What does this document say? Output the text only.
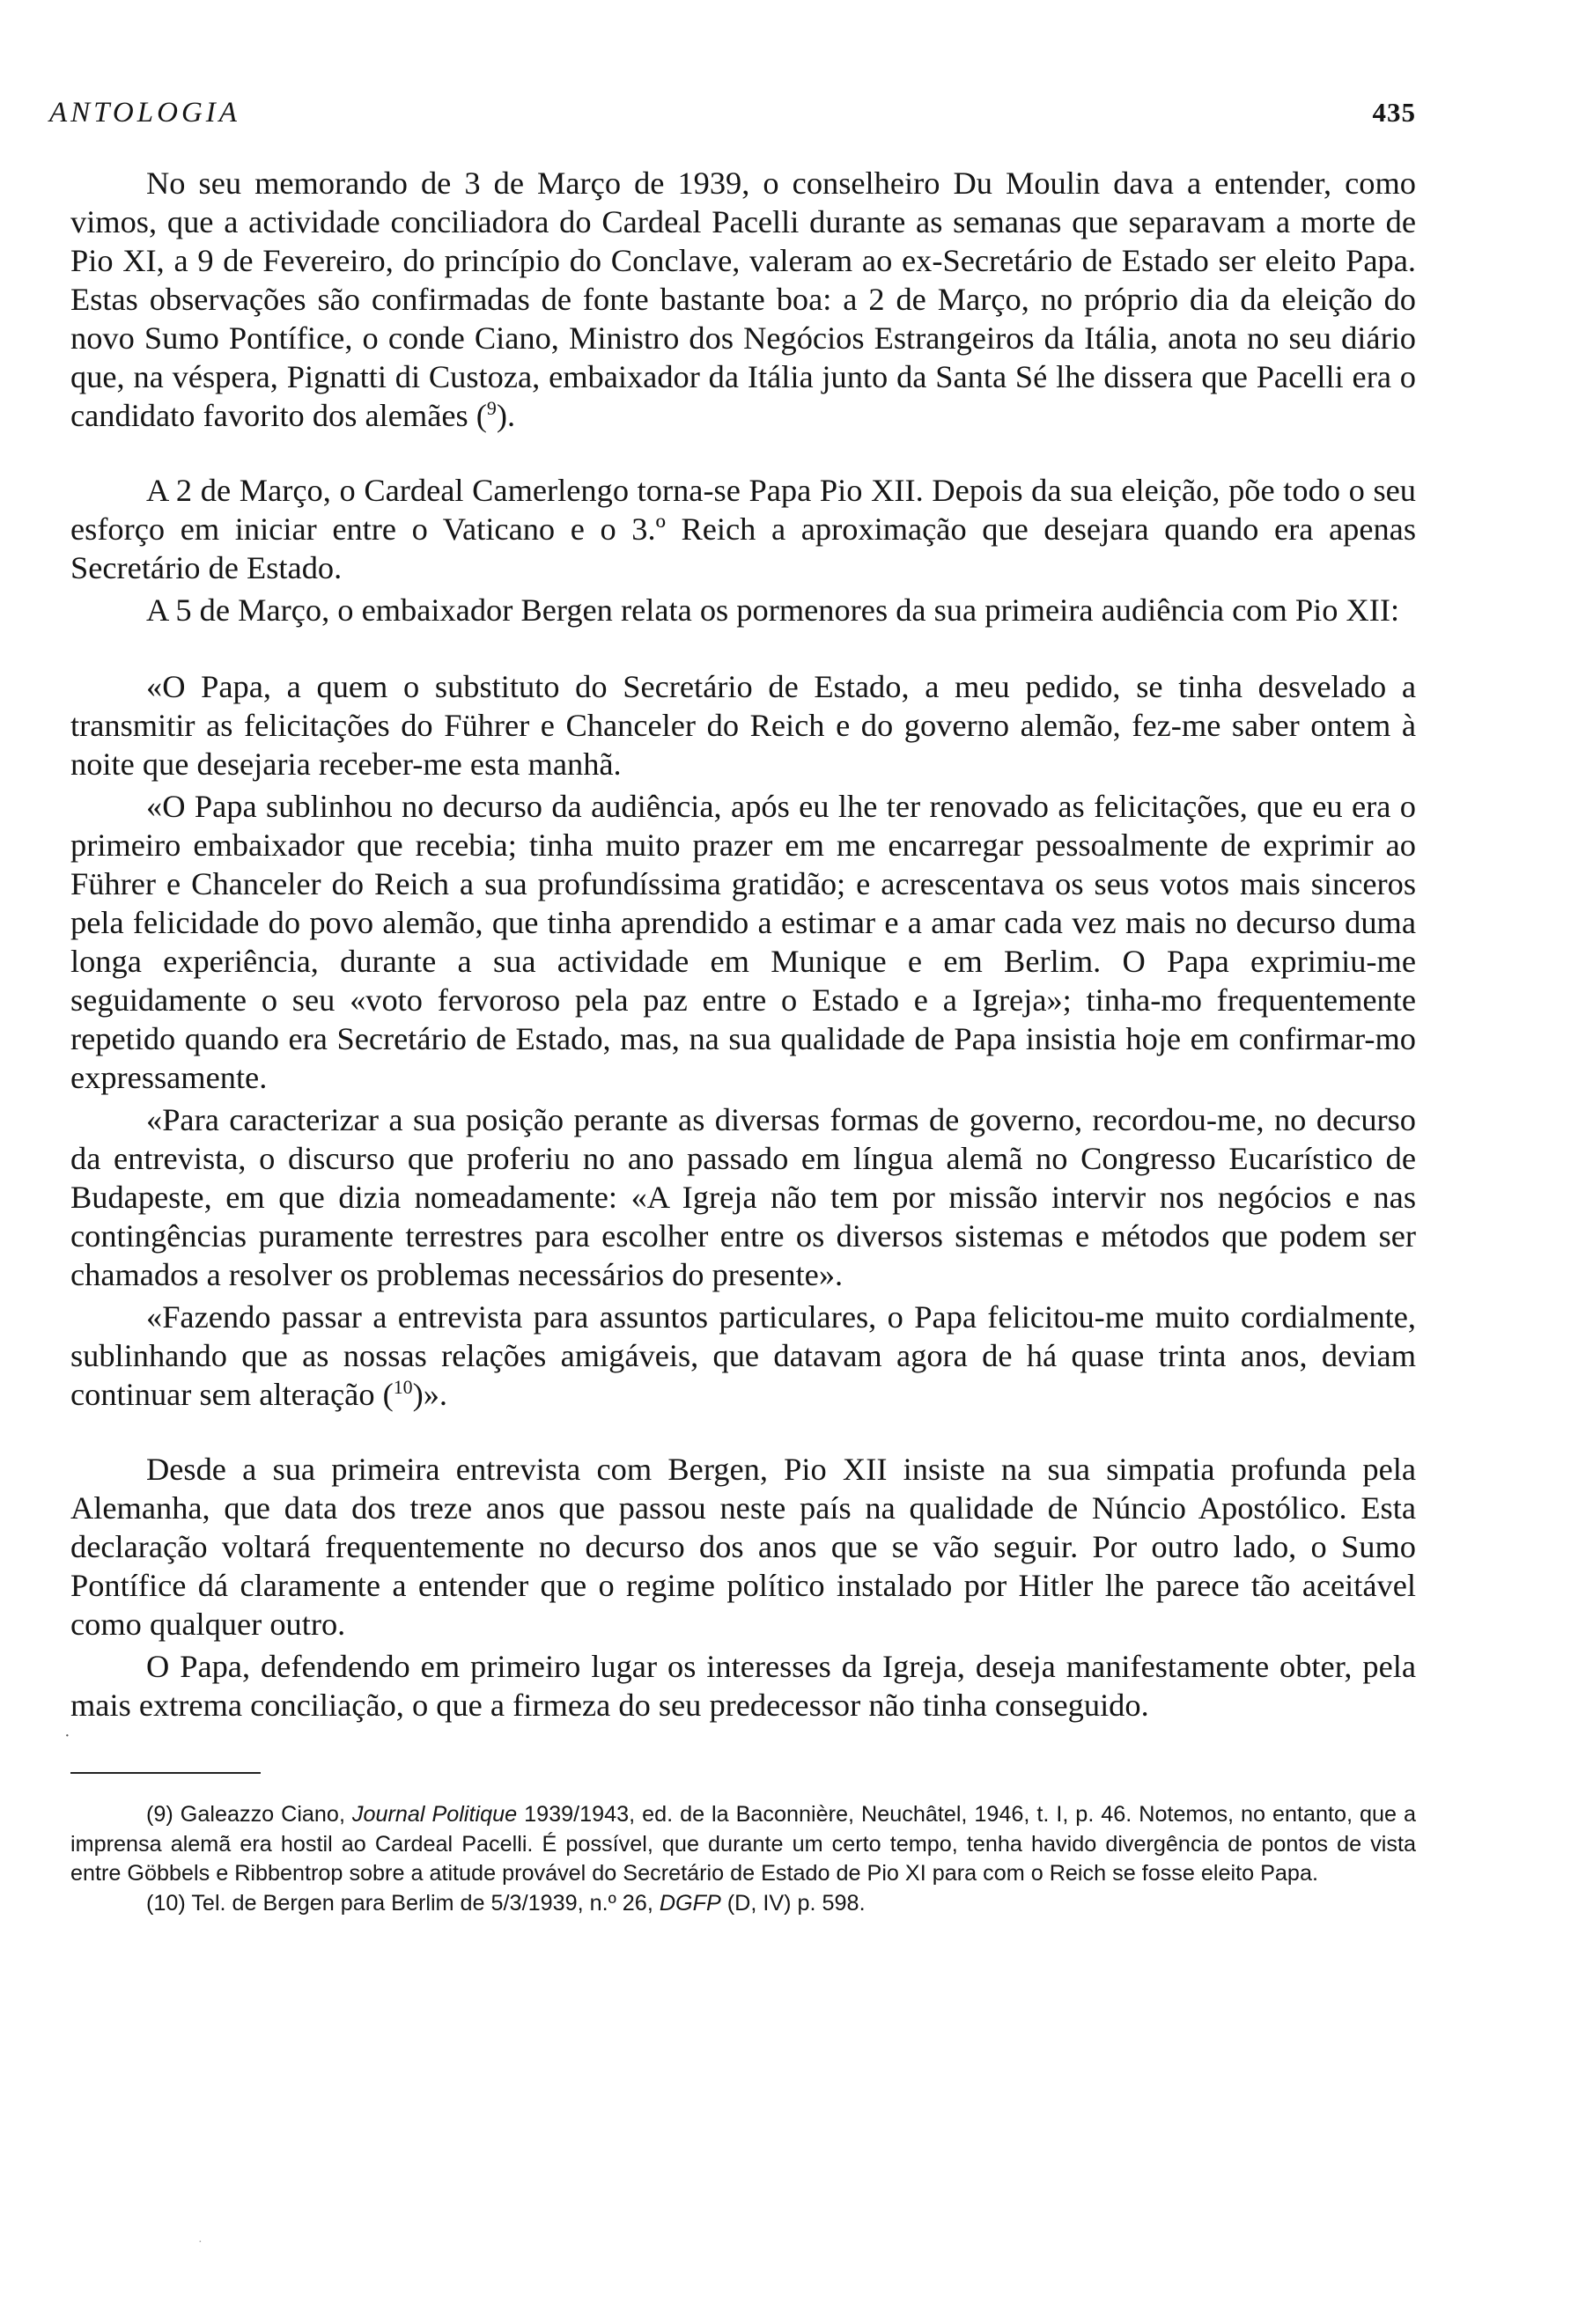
ANTOLOGIA	435

No seu memorando de 3 de Março de 1939, o conselheiro Du Moulin dava a entender, como vimos, que a actividade conciliadora do Cardeal Pacelli durante as semanas que separavam a morte de Pio XI, a 9 de Fevereiro, do princípio do Conclave, valeram ao ex-Secretário de Estado ser eleito Papa. Estas observações são confirmadas de fonte bastante boa: a 2 de Março, no próprio dia da eleição do novo Sumo Pontífice, o conde Ciano, Ministro dos Negócios Estrangeiros da Itália, anota no seu diário que, na véspera, Pignatti di Custoza, embaixador da Itália junto da Santa Sé lhe dissera que Pacelli era o candidato favorito dos alemães ($^9$).

A 2 de Março, o Cardeal Camerlengo torna-se Papa Pio XII. Depois da sua eleição, põe todo o seu esforço em iniciar entre o Vaticano e o 3.º Reich a aproximação que desejara quando era apenas Secretário de Estado.

A 5 de Março, o embaixador Bergen relata os pormenores da sua primeira audiência com Pio XII:

«O Papa, a quem o substituto do Secretário de Estado, a meu pedido, se tinha desvelado a transmitir as felicitações do Führer e Chanceler do Reich e do governo alemão, fez-me saber ontem à noite que desejaria receber-me esta manhã.

«O Papa sublinhou no decurso da audiência, após eu lhe ter renovado as felicitações, que eu era o primeiro embaixador que recebia; tinha muito prazer em me encarregar pessoalmente de exprimir ao Führer e Chanceler do Reich a sua profundíssima gratidão; e acrescentava os seus votos mais sinceros pela felicidade do povo alemão, que tinha aprendido a estimar e a amar cada vez mais no decurso duma longa experiência, durante a sua actividade em Munique e em Berlim. O Papa exprimiu-me seguidamente o seu «voto fervoroso pela paz entre o Estado e a Igreja»; tinha-mo frequentemente repetido quando era Secretário de Estado, mas, na sua qualidade de Papa insistia hoje em confirmar-mo expressamente.

«Para caracterizar a sua posição perante as diversas formas de governo, recordou-me, no decurso da entrevista, o discurso que proferiu no ano passado em língua alemã no Congresso Eucarístico de Budapeste, em que dizia nomeadamente: «A Igreja não tem por missão intervir nos negócios e nas contingências puramente terrestres para escolher entre os diversos sistemas e métodos que podem ser chamados a resolver os problemas necessários do presente».

«Fazendo passar a entrevista para assuntos particulares, o Papa felicitou-me muito cordialmente, sublinhando que as nossas relações amigáveis, que datavam agora de há quase trinta anos, deviam continuar sem alteração ($^{10}$)».

Desde a sua primeira entrevista com Bergen, Pio XII insiste na sua simpatia profunda pela Alemanha, que data dos treze anos que passou neste país na qualidade de Núncio Apostólico. Esta declaração voltará frequentemente no decurso dos anos que se vão seguir. Por outro lado, o Sumo Pontífice dá claramente a entender que o regime político instalado por Hitler lhe parece tão aceitável como qualquer outro.

O Papa, defendendo em primeiro lugar os interesses da Igreja, deseja manifestamente obter, pela mais extrema conciliação, o que a firmeza do seu predecessor não tinha conseguido.

(9) Galeazzo Ciano, Journal Politique 1939/1943, ed. de la Baconnière, Neuchâtel, 1946, t. I, p. 46. Notemos, no entanto, que a imprensa alemã era hostil ao Cardeal Pacelli. É possível, que durante um certo tempo, tenha havido divergência de pontos de vista entre Göbbels e Ribbentrop sobre a atitude provável do Secretário de Estado de Pio XI para com o Reich se fosse eleito Papa.

(10) Tel. de Bergen para Berlim de 5/3/1939, n.º 26, DGFP (D, IV) p. 598.

·
·
